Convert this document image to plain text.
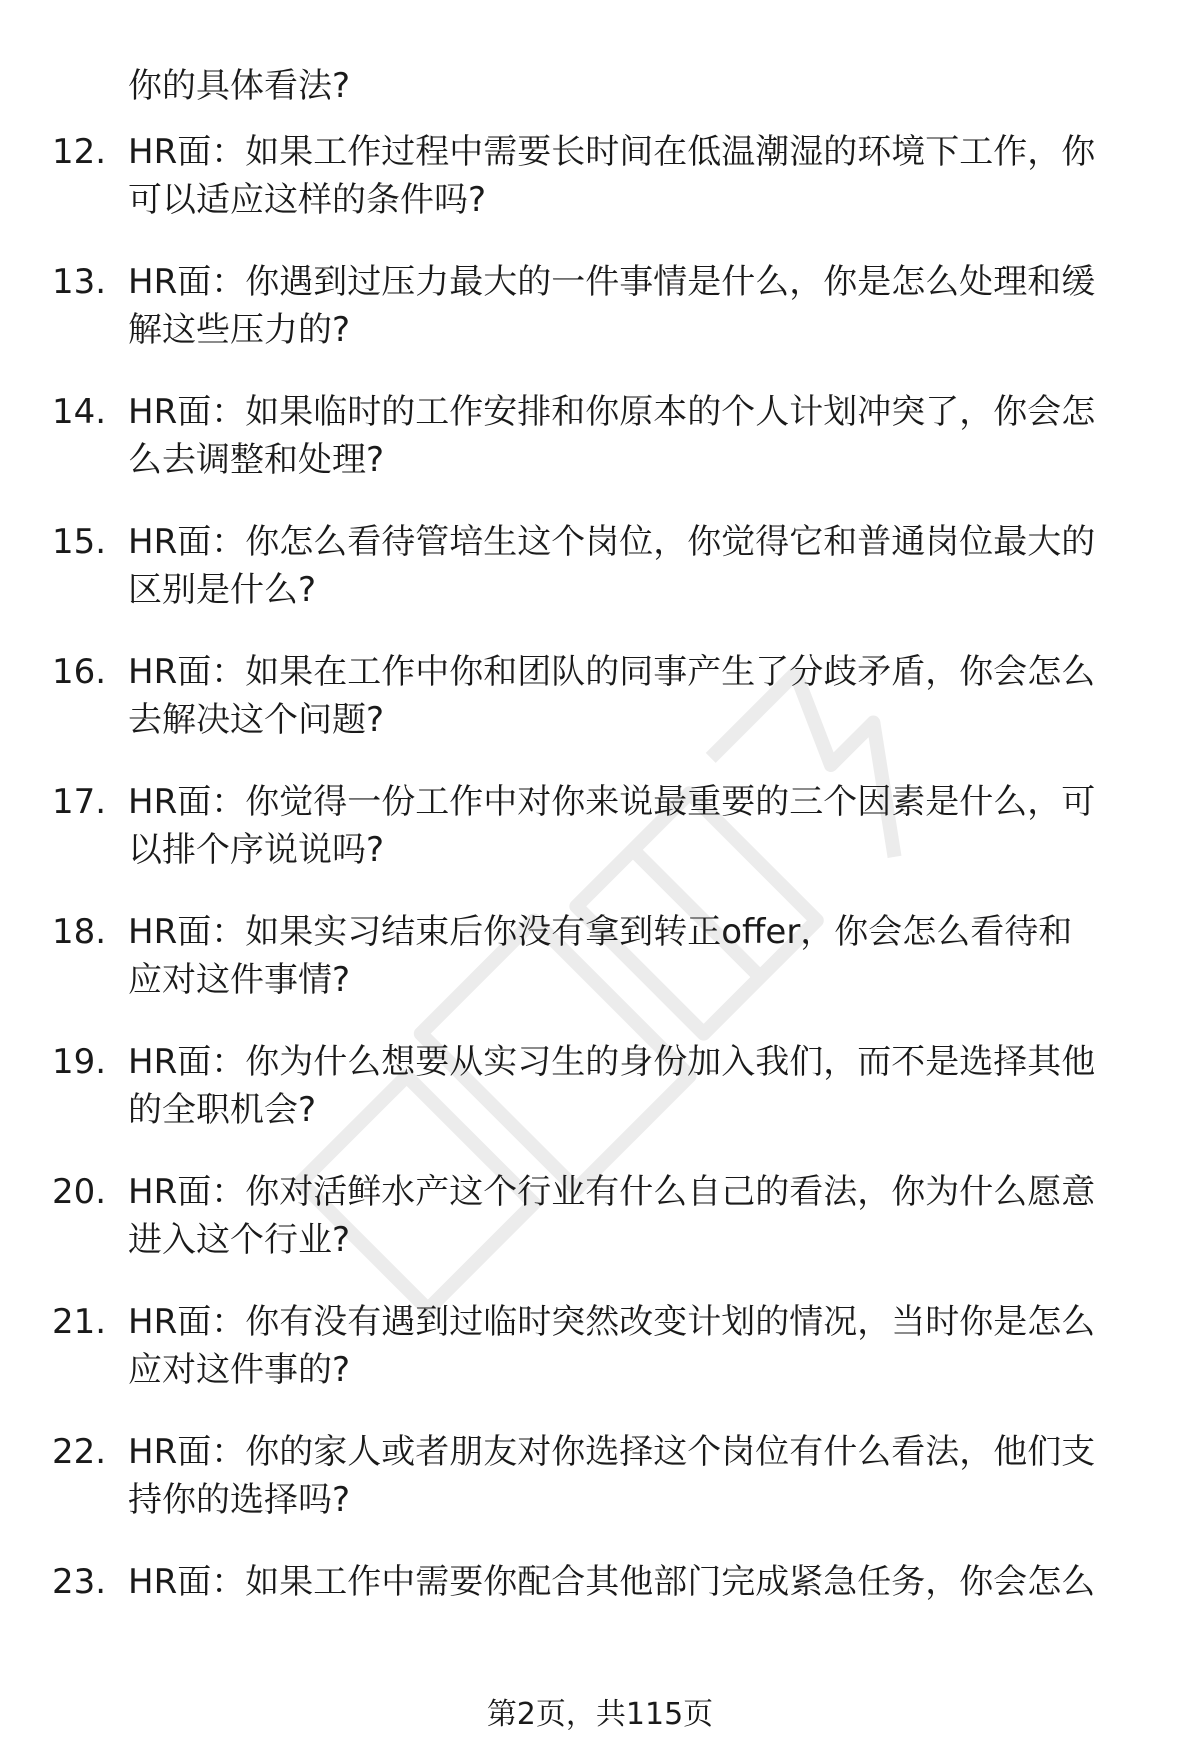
你的具体看法?
12. HR面：如果工作过程中需要长时间在低温潮湿的环境下工作，你
可以适应这样的条件吗?
13. HR面：你遇到过压力最大的一件事情是什么，你是怎么处理和缓
解这些压力的?
14. HR面：如果临时的工作安排和你原本的个人计划冲突了，你会怎
么去调整和处理?
15. HR面：你怎么看待管培生这个岗位，你觉得它和普通岗位最大的
区别是什么?
16. HR面：如果在工作中你和团队的同事产生了分歧矛盾，你会怎么
去解决这个问题?
17. HR面：你觉得一份工作中对你来说最重要的三个因素是什么，可
以排个序说说吗?
18. HR面：如果实习结束后你没有拿到转正offer，你会怎么看待和
应对这件事情?
19. HR面：你为什么想要从实习生的身份加入我们，而不是选择其他
的全职机会?
20. HR面：你对活鲜水产这个行业有什么自己的看法，你为什么愿意
进入这个行业?
21. HR面：你有没有遇到过临时突然改变计划的情况，当时你是怎么
应对这件事的?
22. HR面：你的家人或者朋友对你选择这个岗位有什么看法，他们支
持你的选择吗?
23. HR面：如果工作中需要你配合其他部门完成紧急任务，你会怎么
第2页，共115页
